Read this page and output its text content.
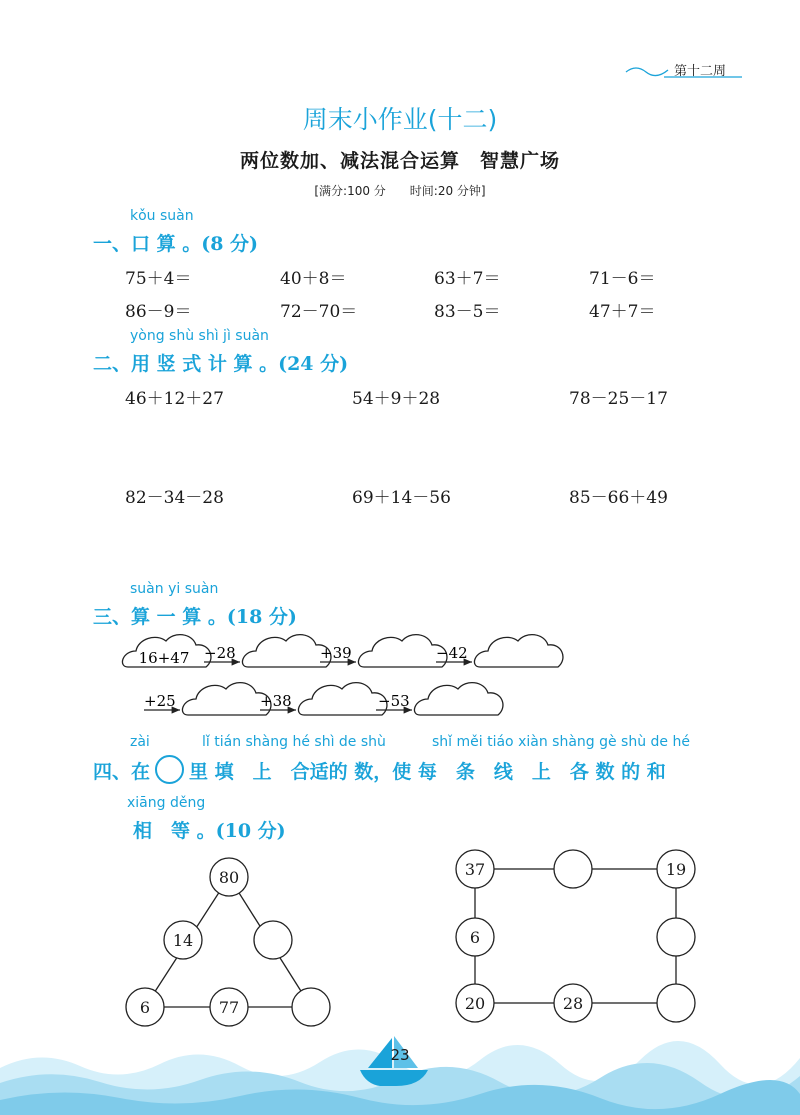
第十二周
周末小作业(十二)
两位数加、减法混合运算　智慧广场
[满分:100 分　　时间:20 分钟]
kǒu suàn
一、口 算 。(8 分)
75＋4＝	40＋8＝	63＋7＝	71－6＝
86－9＝	72－70＝	83－5＝	47＋7＝
yòng shù shì jì suàn
二、用 竖 式 计 算 。(24 分)
46＋12＋27	54＋9＋28	78－25－17
82－34－28	69＋14－56	85－66＋49
suàn yi suàn
三、算 一 算 。(18 分)
16+47 −28	+39	−42
+25	+38	−53
zài	lǐ tián shàng hé shì de shù	shǐ měi tiáo xiàn shàng gè shù de hé
四、在 里 填　上　合适的 数，使 每　条　线　上　各 数 的 和
xiāng děng
相　等 。(10 分)
80
14
6	77
37	19
6
20	28
23
